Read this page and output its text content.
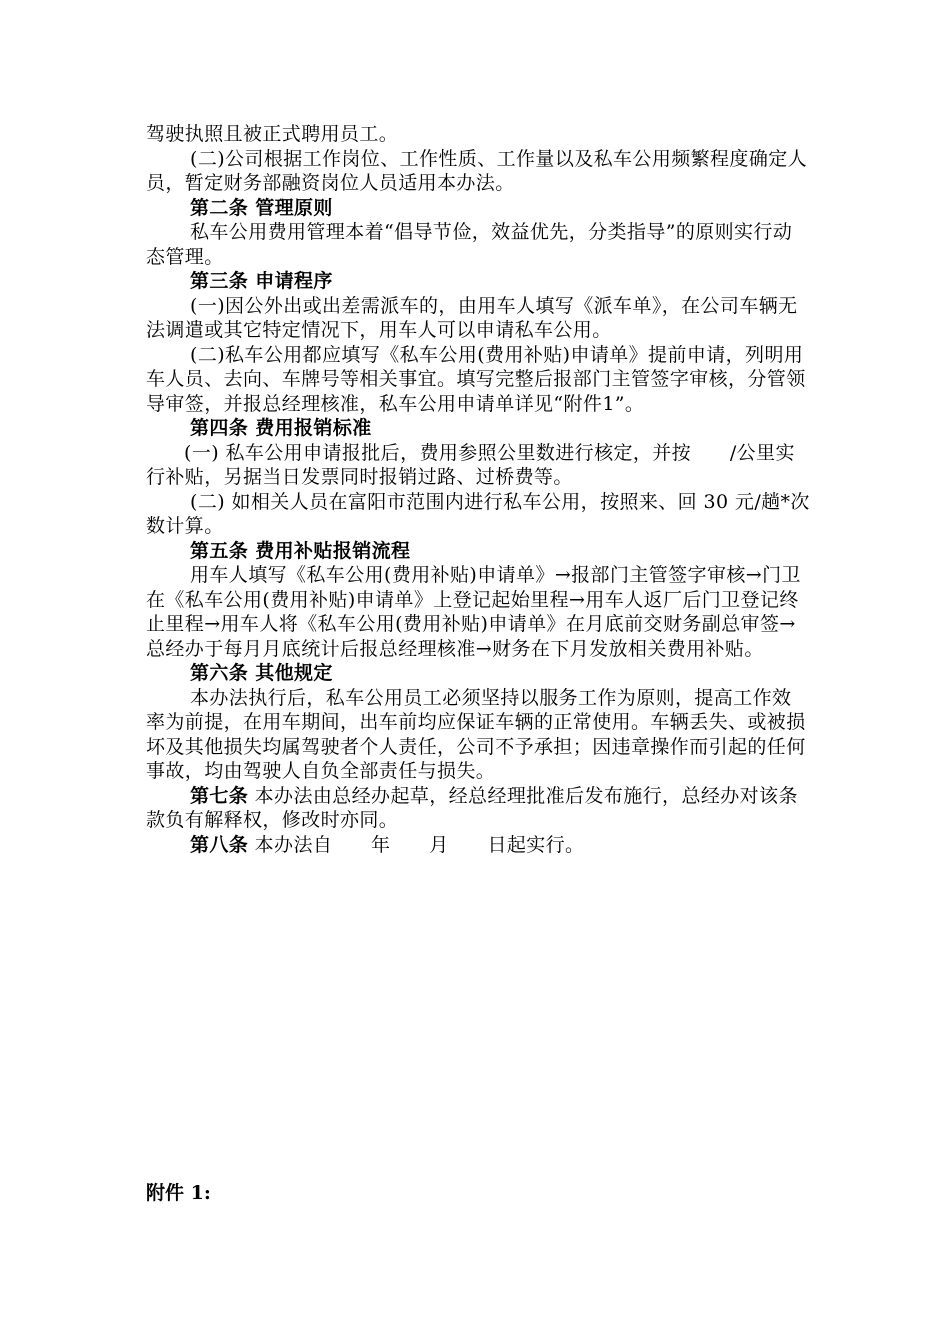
驾驶执照且被正式聘用员工。

(二)公司根据工作岗位、工作性质、工作量以及私车公用频繁程度确定人员，暂定财务部融资岗位人员适用本办法。

第二条 管理原则

私车公用费用管理本着“倡导节俭，效益优先，分类指导”的原则实行动态管理。

第三条 申请程序

(一)因公外出或出差需派车的，由用车人填写《派车单》，在公司车辆无法调遣或其它特定情况下，用车人可以申请私车公用。

(二)私车公用都应填写《私车公用(费用补贴)申请单》提前申请，列明用车人员、去向、车牌号等相关事宜。填写完整后报部门主管签字审核，分管领导审签，并报总经理核准，私车公用申请单详见“附件1”。

第四条 费用报销标准

(一) 私车公用申请报批后，费用参照公里数进行核定，并按　　/公里实行补贴，另据当日发票同时报销过路、过桥费等。

(二) 如相关人员在富阳市范围内进行私车公用，按照来、回 30 元/趟*次数计算。

第五条 费用补贴报销流程

用车人填写《私车公用(费用补贴)申请单》→报部门主管签字审核→门卫在《私车公用(费用补贴)申请单》上登记起始里程→用车人返厂后门卫登记终止里程→用车人将《私车公用(费用补贴)申请单》在月底前交财务副总审签→总经办于每月月底统计后报总经理核准→财务在下月发放相关费用补贴。

第六条 其他规定

本办法执行后，私车公用员工必须坚持以服务工作为原则，提高工作效率为前提，在用车期间，出车前均应保证车辆的正常使用。车辆丢失、或被损坏及其他损失均属驾驶者个人责任，公司不予承担；因违章操作而引起的任何事故，均由驾驶人自负全部责任与损失。

第七条 本办法由总经办起草，经总经理批准后发布施行，总经办对该条款负有解释权，修改时亦同。

第八条 本办法自　　年　　月　　日起实行。

附件 1:
